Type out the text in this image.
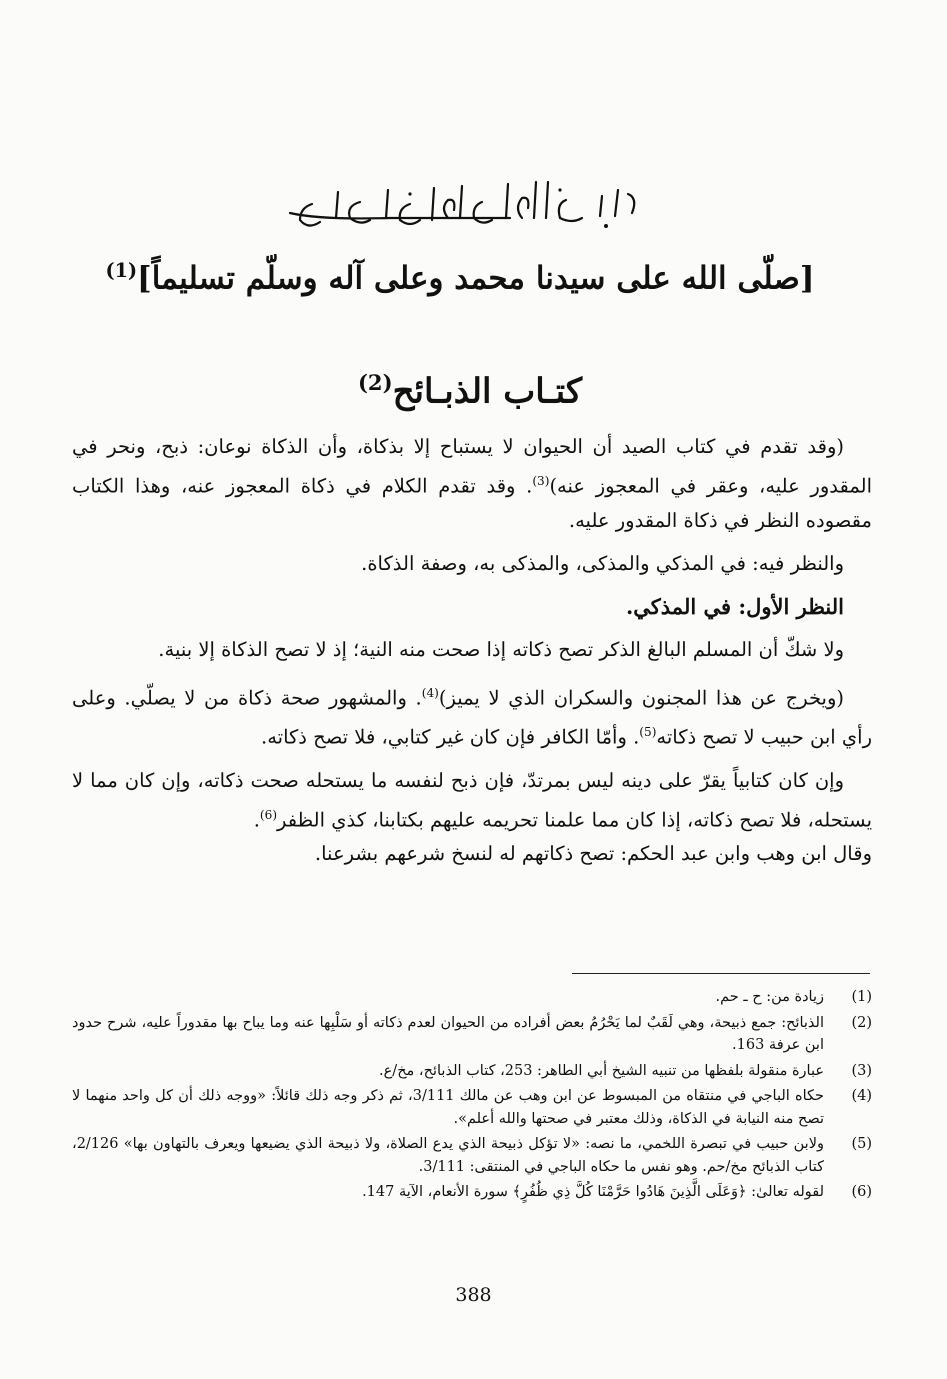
[صلّى الله على سيدنا محمد وعلى آله وسلّم تسليماً]$^{(1)}$
كتـاب الذبـائح$^{(2)}$

(وقد تقدم في كتاب الصيد أن الحيوان لا يستباح إلا بذكاة، وأن الذكاة نوعان: ذبح، ونحر في المقدور عليه، وعقر في المعجوز عنه)$^{(3)}$. وقد تقدم الكلام في ذكاة المعجوز عنه، وهذا الكتاب مقصوده النظر في ذكاة المقدور عليه.

والنظر فيه: في المذكي والمذكى، والمذكى به، وصفة الذكاة.

النظر الأول: في المذكي.

ولا شكّ أن المسلم البالغ الذكر تصح ذكاته إذا صحت منه النية؛ إذ لا تصح الذكاة إلا بنية.

(ويخرج عن هذا المجنون والسكران الذي لا يميز)$^{(4)}$. والمشهور صحة ذكاة من لا يصلّي. وعلى رأي ابن حبيب لا تصح ذكاته$^{(5)}$. وأمّا الكافر فإن كان غير كتابي، فلا تصح ذكاته.

وإن كان كتابياً يقرّ على دينه ليس بمرتدّ، فإن ذبح لنفسه ما يستحله صحت ذكاته، وإن كان مما لا يستحله، فلا تصح ذكاته، إذا كان مما علمنا تحريمه عليهم بكتابنا، كذي الظفر$^{(6)}$.

وقال ابن وهب وابن عبد الحكم: تصح ذكاتهم له لنسخ شرعهم بشرعنا.

(1)
زيادة من: ح ـ حم.
(2)
الذبائح: جمع ذبيحة، وهي لَقَبٌ لما يَحْرُمُ بعض أفراده من الحيوان لعدم ذكاته أو سَلْبِها عنه وما يباح بها مقدوراً عليه، شرح حدود ابن عرفة 163.
(3)
عبارة منقولة بلفظها من تنبيه الشيخ أبي الطاهر: 253، كتاب الذبائح، مخ/ع.
(4)
حكاه الباجي في منتقاه من المبسوط عن ابن وهب عن مالك 3/111، ثم ذكر وجه ذلك قائلاً: «ووجه ذلك أن كل واحد منهما لا تصح منه النيابة في الذكاة، وذلك معتبر في صحتها والله أعلم».
(5)
ولابن حبيب في تبصرة اللخمي، ما نصه: «لا تؤكل ذبيحة الذي يدع الصلاة، ولا ذبيحة الذي يضيعها ويعرف بالتهاون بها» 2/126، كتاب الذبائح مخ/حم. وهو نفس ما حكاه الباجي في المنتقى: 3/111.
(6)
لقوله تعالىٰ: ﴿وَعَلَى الَّذِينَ هَادُوا حَرَّمْنَا كُلَّ ذِي ظُفُرٍ﴾ سورة الأنعام، الآية 147.
388
